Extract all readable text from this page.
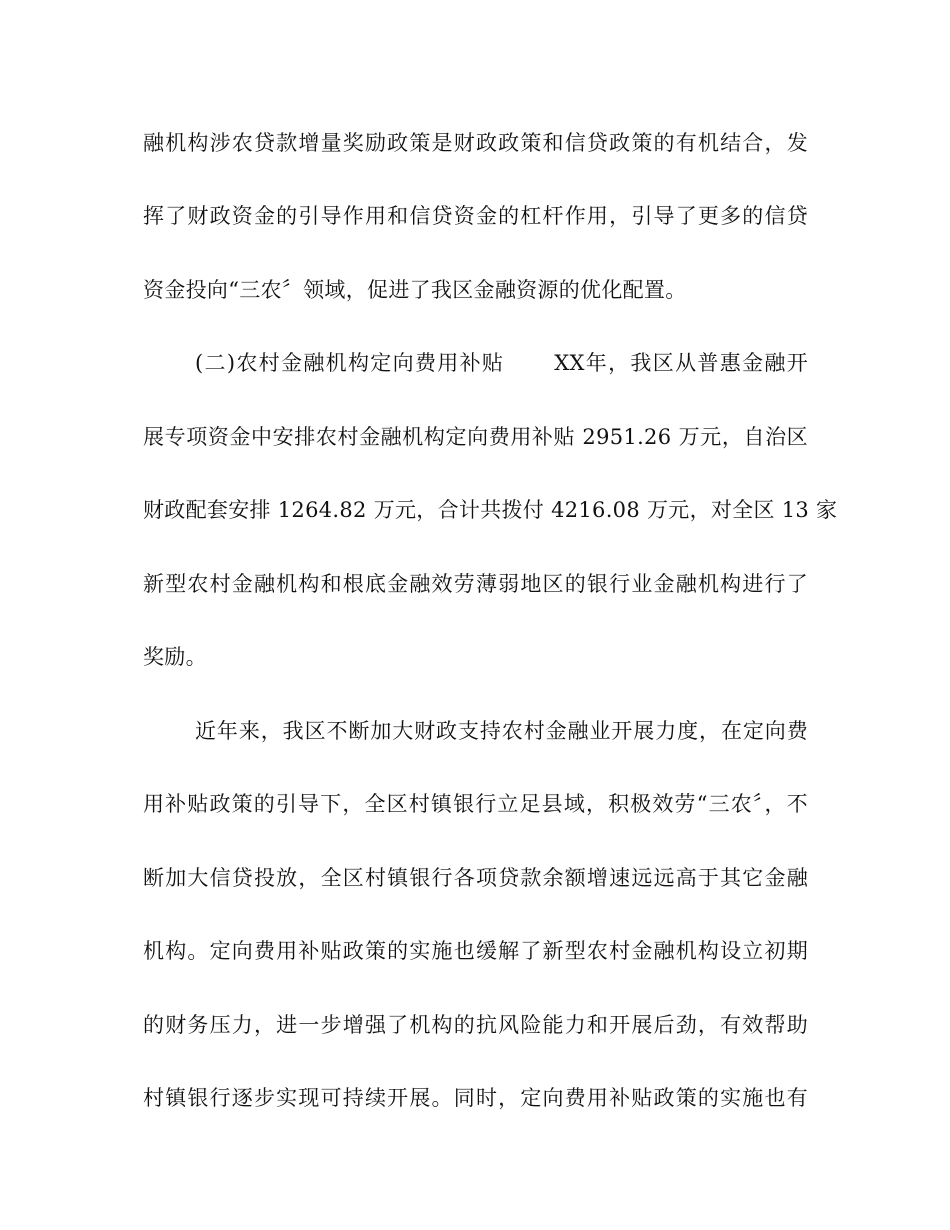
融机构涉农贷款增量奖励政策是财政政策和信贷政策的有机结合，发
挥了财政资金的引导作用和信贷资金的杠杆作用，引导了更多的信贷
资金投向“三农〞领域，促进了我区金融资源的优化配置。
(二)农村金融机构定向费用补贴 XX年，我区从普惠金融开
展专项资金中安排农村金融机构定向费用补贴 2951.26 万元，自治区
财政配套安排 1264.82 万元，合计共拨付 4216.08 万元，对全区 13 家
新型农村金融机构和根底金融效劳薄弱地区的银行业金融机构进行了
奖励。
近年来，我区不断加大财政支持农村金融业开展力度，在定向费
用补贴政策的引导下，全区村镇银行立足县域，积极效劳“三农〞，不
断加大信贷投放，全区村镇银行各项贷款余额增速远远高于其它金融
机构。定向费用补贴政策的实施也缓解了新型农村金融机构设立初期
的财务压力，进一步增强了机构的抗风险能力和开展后劲，有效帮助
村镇银行逐步实现可持续开展。同时，定向费用补贴政策的实施也有
